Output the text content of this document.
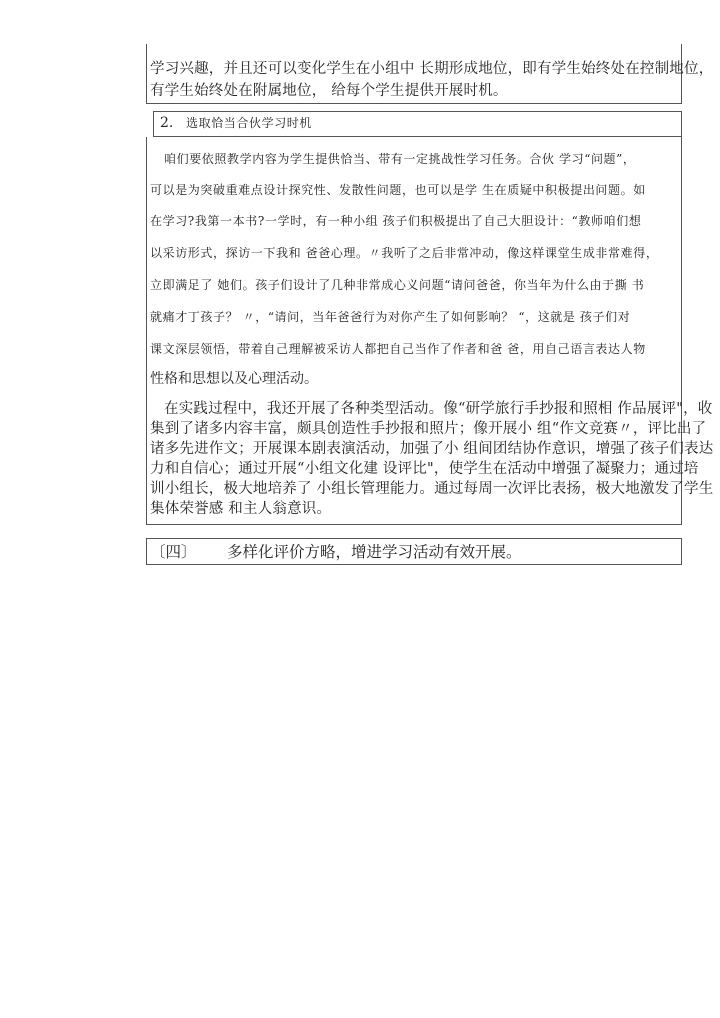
学习兴趣，并且还可以变化学生在小组中 长期形成地位，即有学生始终处在控制地位，
有学生始终处在附属地位， 给每个学生提供开展时机。
2. 选取恰当合伙学习时机
咱们要依照教学内容为学生提供恰当、带有一定挑战性学习任务。合伙 学习“问题”，
可以是为突破重难点设计探究性、发散性问题，也可以是学 生在质疑中积极提出问题。如
在学习?我第一本书?一学时，有一种小组 孩子们积极提出了自己大胆设计：“教师咱们想
以采访形式，探访一下我和 爸爸心理。〃我听了之后非常冲动，像这样课堂生成非常难得，
立即满足了 她们。孩子们设计了几种非常成心义问题“请问爸爸，你当年为什么由于撕 书
就痛才丁孩子？ 〃，“请问，当年爸爸行为对你产生了如何影响？ “，这就是 孩子们对
课文深层领悟，带着自己理解被采访人都把自己当作了作者和爸 爸，用自己语言表达人物
性格和思想以及心理活动。
在实践过程中，我还开展了各种类型活动。像“研学旅行手抄报和照相 作品展评"，收
集到了诸多内容丰富，颇具创造性手抄报和照片；像开展小 组“作文竞赛〃，评比出了
诸多先进作文；开展课本剧表演活动，加强了小 组间团结协作意识，增强了孩子们表达
力和自信心；通过开展“小组文化建 设评比"，使学生在活动中增强了凝聚力；通过培
训小组长，极大地培养了 小组长管理能力。通过每周一次评比表扬，极大地激发了学生
集体荣誉感 和主人翁意识。
〔四〕 多样化评价方略，增进学习活动有效开展。
